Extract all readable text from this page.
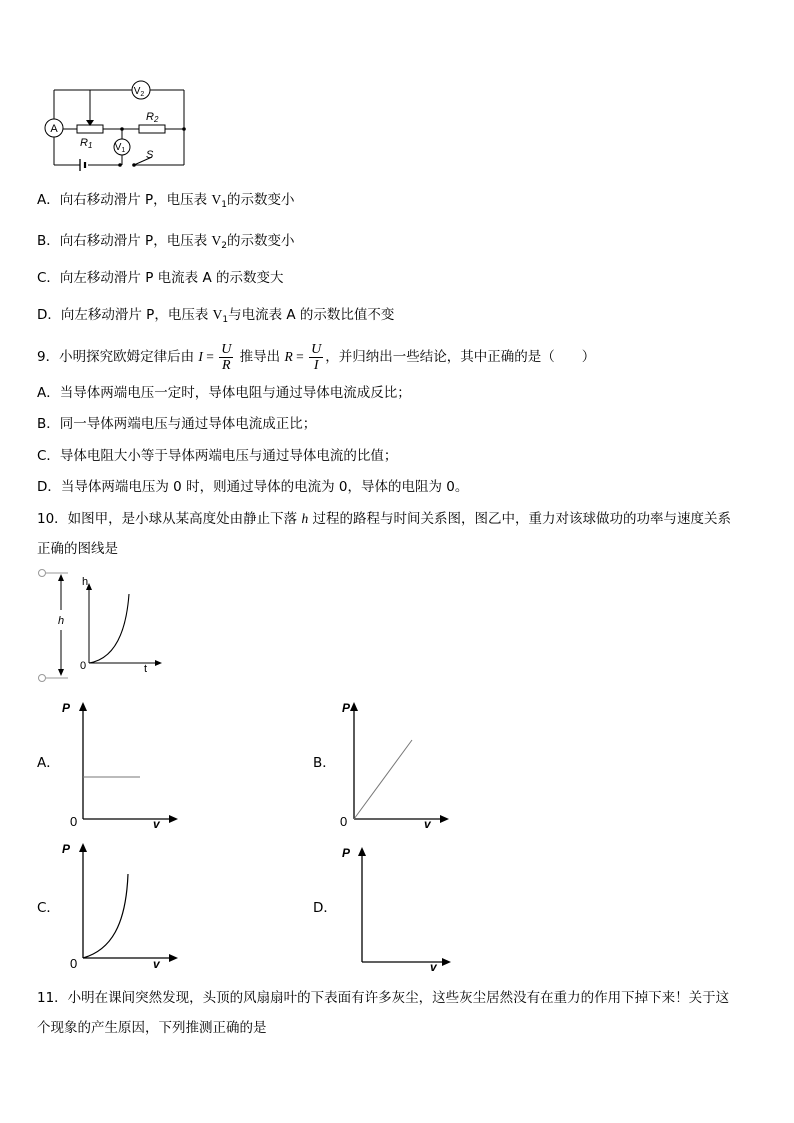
A
$V_2$
$V_1$
R1
R2
S
A．向右移动滑片 P，电压表 $V_1$的示数变小
B．向右移动滑片 P，电压表 $V_2$的示数变小
C．向左移动滑片 P 电流表 A 的示数变大
D．向左移动滑片 P，电压表 $V_1$与电流表 A 的示数比值不变
9．小明探究欧姆定律后由 $I = \frac{U}{R}$ 推导出 $R = \frac{U}{I}$ ，并归纳出一些结论，其中正确的是（　　）
A．当导体两端电压一定时，导体电阻与通过导体电流成反比；
B．同一导体两端电压与通过导体电流成正比；
C．导体电阻大小等于导体两端电压与通过导体电流的比值；
D．当导体两端电压为 0 时，则通过导体的电流为 0，导体的电阻为 0。
10．如图甲，是小球从某高度处由静止下落 h 过程的路程与时间关系图，图乙中，重力对该球做功的功率与速度关系
正确的图线是
h
h
t
0
A．
P
v
0
B．
P
v
0
C．
P
v
0
D．
P
v
11．小明在课间突然发现，头顶的风扇扇叶的下表面有许多灰尘，这些灰尘居然没有在重力的作用下掉下来！关于这
个现象的产生原因，下列推测正确的是
